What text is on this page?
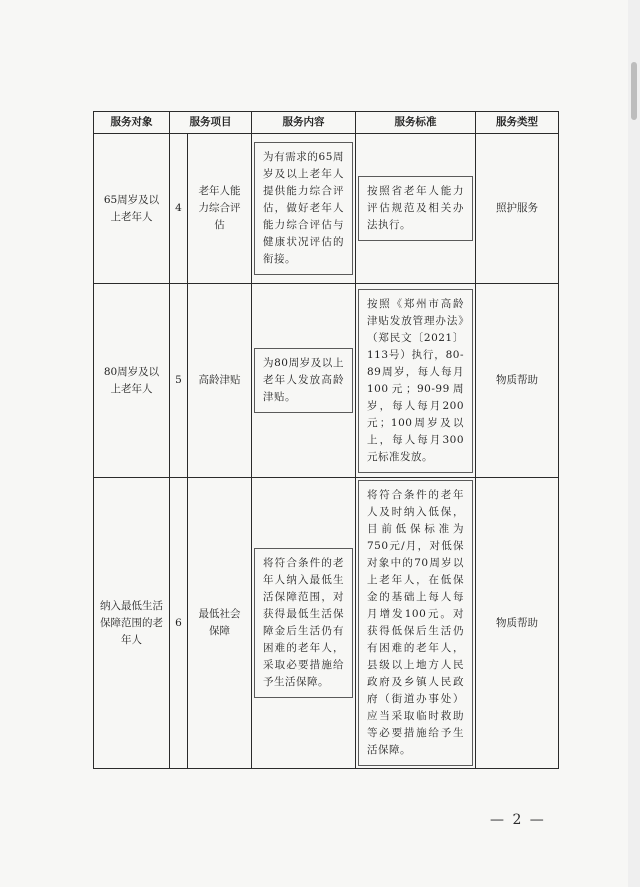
服务对象	服务项目		服务内容	服务标准	服务类型
65周岁及以上老年人	4	老年人能力综合评估	为有需求的65周岁及以上老年人提供能力综合评估，做好老年人能力综合评估与健康状况评估的衔接。	按照省老年人能力评估规范及相关办法执行。	照护服务
80周岁及以上老年人	5	高龄津贴	为80周岁及以上老年人发放高龄津贴。	按照《郑州市高龄津贴发放管理办法》（郑民文〔2021〕113号）执行，80-89周岁，每人每月100元；90-99周岁，每人每月200元；100周岁及以上，每人每月300元标准发放。	物质帮助
纳入最低生活保障范围的老年人	6	最低社会保障	将符合条件的老年人纳入最低生活保障范围，对获得最低生活保障金后生活仍有困难的老年人，采取必要措施给予生活保障。	将符合条件的老年人及时纳入低保，目前低保标准为750元/月，对低保对象中的70周岁以上老年人，在低保金的基础上每人每月增发100元。对获得低保后生活仍有困难的老年人，县级以上地方人民政府及乡镇人民政府（街道办事处）应当采取临时救助等必要措施给予生活保障。	物质帮助
— 2 —
